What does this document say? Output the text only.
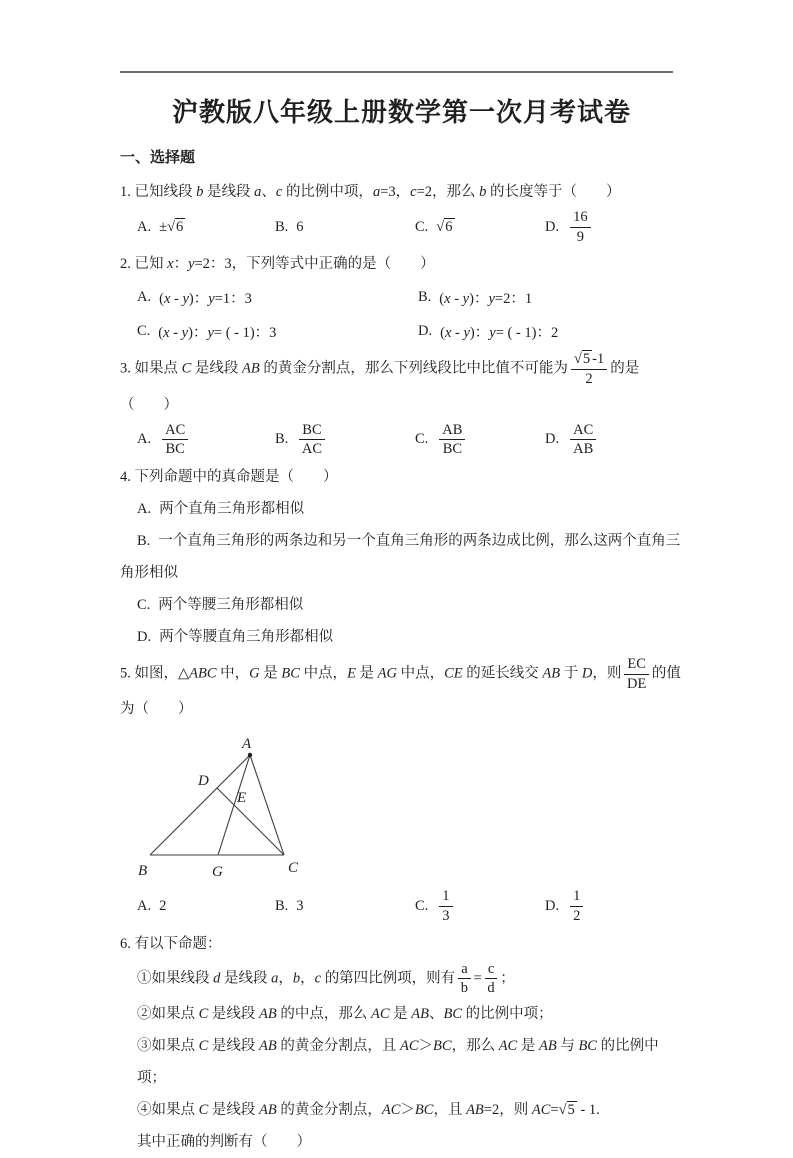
沪教版八年级上册数学第一次月考试卷

一、选择题

1. 已知线段 b 是线段 a、c 的比例中项，a=3，c=2，那么 b 的长度等于（　　）

A. ±√6	B. 6	C. √6	D. $\frac{16}{9}$

2. 已知 x：y=2：3，下列等式中正确的是（　　）

A. (x - y)：y=1：3	B. (x - y)：y=2：1
C. (x - y)：y= ( - 1)：3	D. (x - y)：y= ( - 1)：2

3. 如果点 C 是线段 AB 的黄金分割点，那么下列线段比中比值不可能为 $\frac{√5 -1}{2}$ 的是（　　）

A. $\frac{AC}{BC}$	B. $\frac{BC}{AC}$	C. $\frac{AB}{BC}$	D. $\frac{AC}{AB}$

4. 下列命题中的真命题是（　　）

A. 两个直角三角形都相似

B. 一个直角三角形的两条边和另一个直角三角形的两条边成比例，那么这两个直角三角形相似

C. 两个等腰三角形都相似

D. 两个等腰直角三角形都相似

5. 如图，△ABC 中，G 是 BC 中点，E 是 AG 中点，CE 的延长线交 AB 于 D，则 $\frac{EC}{DE}$ 的值为（　　）

A
B	C
D
E
G
A. 2	B. 3	C. $\frac{1}{3}$	D. $\frac{1}{2}$

6. 有以下命题：

①如果线段 d 是线段 a，b，c 的第四比例项，则有 $\frac{a}{b} = \frac{c}{d}$ ；

②如果点 C 是线段 AB 的中点，那么 AC 是 AB、BC 的比例中项；

③如果点 C 是线段 AB 的黄金分割点，且 AC＞BC，那么 AC 是 AB 与 BC 的比例中项；

④如果点 C 是线段 AB 的黄金分割点，AC＞BC，且 AB=2，则 AC=√5 - 1.

其中正确的判断有（　　）
